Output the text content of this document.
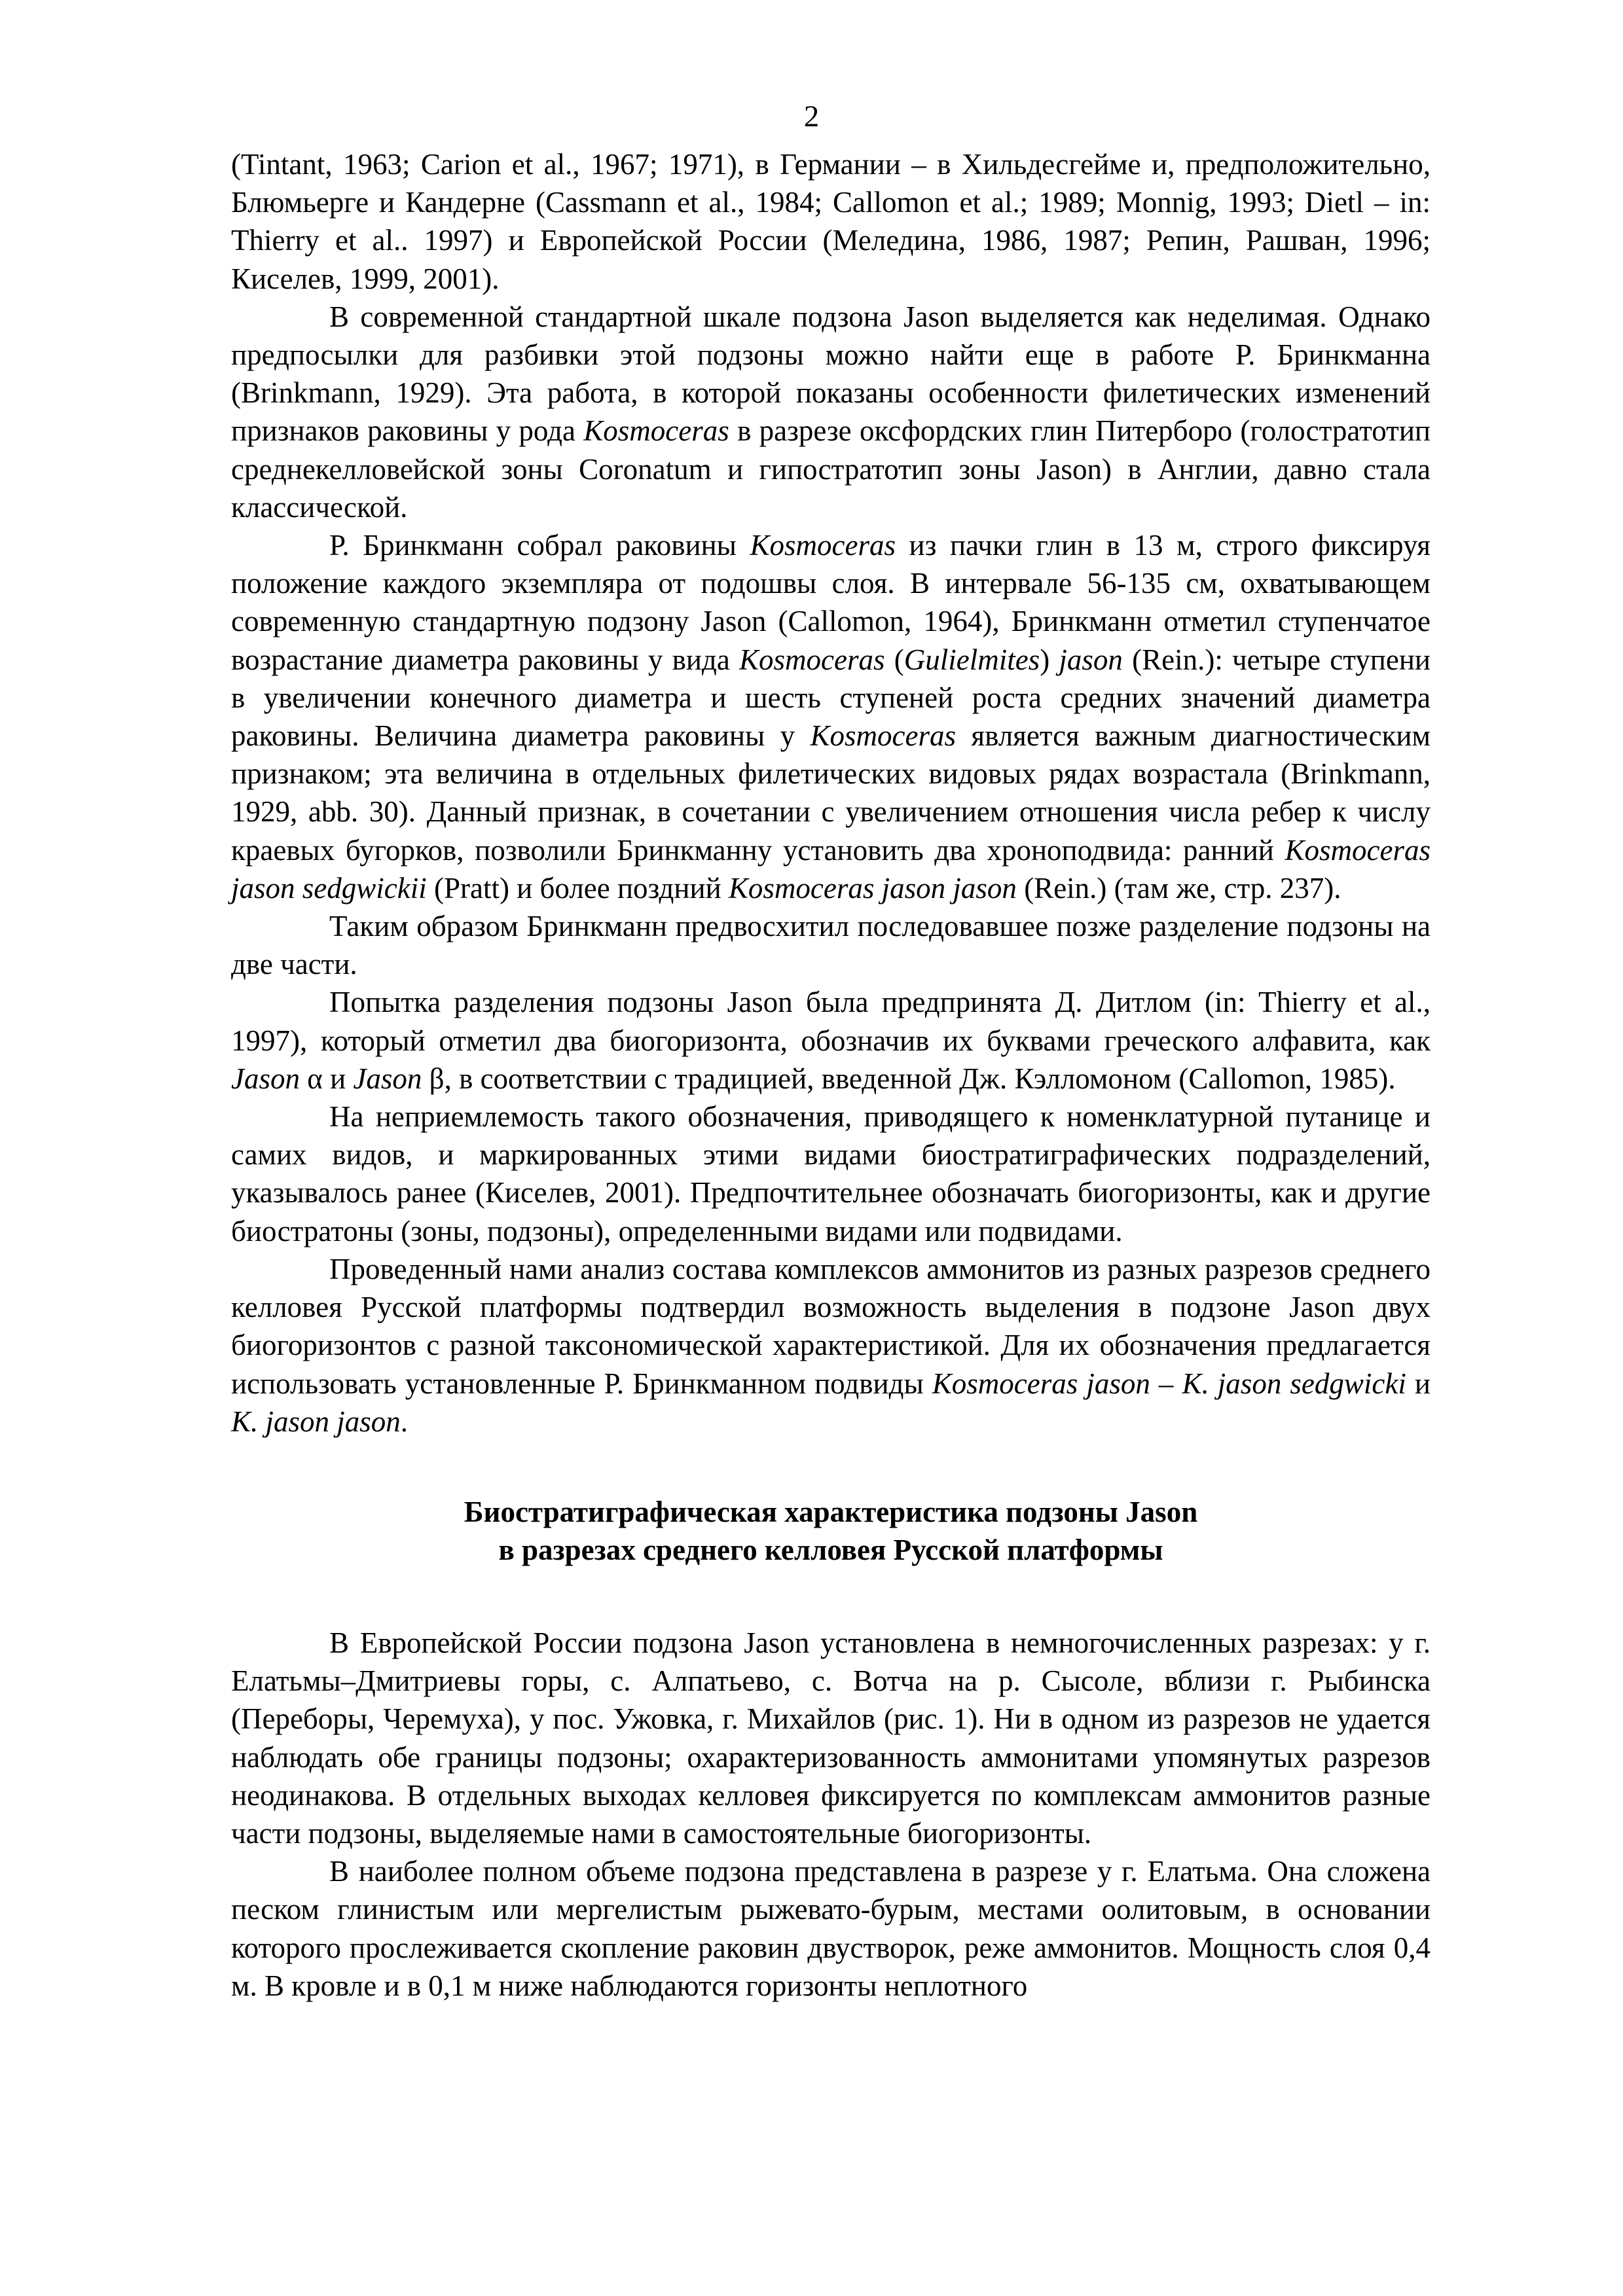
2

(Tintant, 1963; Carion et al., 1967; 1971), в Германии – в Хильдесгейме и, предположительно, Блюмьерге и Кандерне (Cassmann et al., 1984; Callomon et al.; 1989; Monnig, 1993; Dietl – in: Thierry et al.. 1997) и Европейской России (Меледина, 1986, 1987; Репин, Рашван, 1996; Киселев, 1999, 2001).

В современной стандартной шкале подзона Jason выделяется как неделимая. Однако предпосылки для разбивки этой подзоны можно найти еще в работе Р. Бринкманна (Brinkmann, 1929). Эта работа, в которой показаны особенности филетических изменений признаков раковины у рода Kosmoceras в разрезе оксфордских глин Питерборо (голостратотип среднекелловейской зоны Coronatum и гипостратотип зоны Jason) в Англии, давно стала классической.

Р. Бринкманн собрал раковины Kosmoceras из пачки глин в 13 м, строго фиксируя положение каждого экземпляра от подошвы слоя. В интервале 56-135 см, охватывающем современную стандартную подзону Jason (Callomon, 1964), Бринкманн отметил ступенчатое возрастание диаметра раковины у вида Kosmoceras (Gulielmites) jason (Rein.): четыре ступени в увеличении конечного диаметра и шесть ступеней роста средних значений диаметра раковины. Величина диаметра раковины у Kosmoceras является важным диагностическим признаком; эта величина в отдельных филетических видовых рядах возрастала (Brinkmann, 1929, abb. 30). Данный признак, в сочетании с увеличением отношения числа ребер к числу краевых бугорков, позволили Бринкманну установить два хроноподвида: ранний Kosmoceras jason sedgwickii (Pratt) и более поздний Kosmoceras jason jason (Rein.) (там же, стр. 237).

Таким образом Бринкманн предвосхитил последовавшее позже разделение подзоны на две части.

Попытка разделения подзоны Jason была предпринята Д. Дитлом (in: Thierry et al., 1997), который отметил два биогоризонта, обозначив их буквами греческого алфавита, как Jason α и Jason β, в соответствии с традицией, введенной Дж. Кэлломоном (Callomon, 1985).

На неприемлемость такого обозначения, приводящего к номенклатурной путанице и самих видов, и маркированных этими видами биостратиграфических подразделений, указывалось ранее (Киселев, 2001). Предпочтительнее обозначать биогоризонты, как и другие биостратоны (зоны, подзоны), определенными видами или подвидами.

Проведенный нами анализ состава комплексов аммонитов из разных разрезов среднего келловея Русской платформы подтвердил возможность выделения в подзоне Jason двух биогоризонтов с разной таксономической характеристикой. Для их обозначения предлагается использовать установленные Р. Бринкманном подвиды Kosmoceras jason – K. jason sedgwicki и K. jason jason.

Биостратиграфическая характеристика подзоны Jason
в разрезах среднего келловея Русской платформы

В Европейской России подзона Jason установлена в немногочисленных разрезах: у г. Елатьмы–Дмитриевы горы, с. Алпатьево, с. Вотча на р. Сысоле, вблизи г. Рыбинска (Переборы, Черемуха), у пос. Ужовка, г. Михайлов (рис. 1). Ни в одном из разрезов не удается наблюдать обе границы подзоны; охарактеризованность аммонитами упомянутых разрезов неодинакова. В отдельных выходах келловея фиксируется по комплексам аммонитов разные части подзоны, выделяемые нами в самостоятельные биогоризонты.

В наиболее полном объеме подзона представлена в разрезе у г. Елатьма. Она сложена песком глинистым или мергелистым рыжевато-бурым, местами оолитовым, в основании которого прослеживается скопление раковин двустворок, реже аммонитов. Мощность слоя 0,4 м. В кровле и в 0,1 м ниже наблюдаются горизонты неплотного
